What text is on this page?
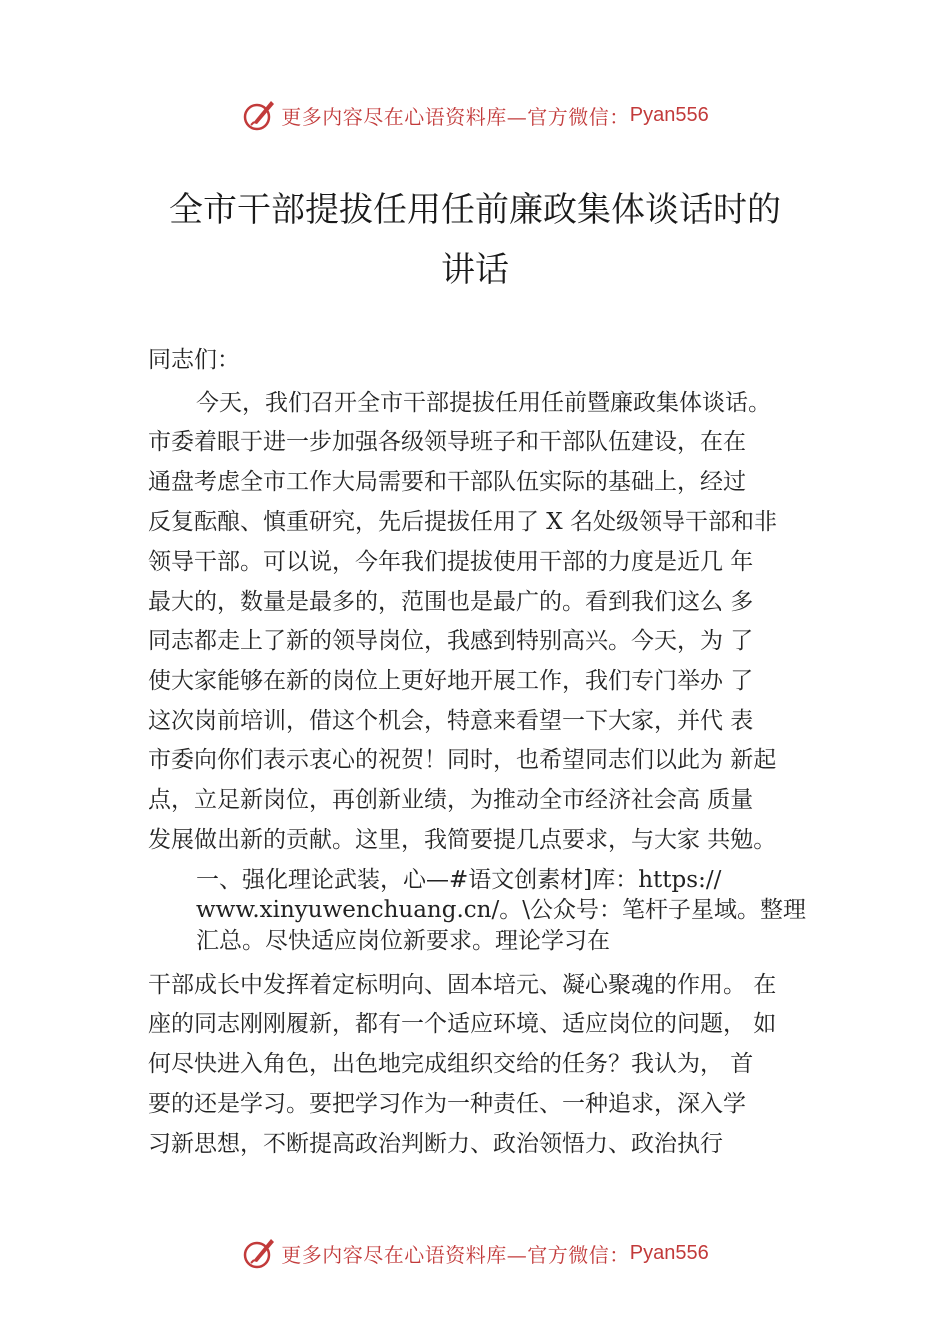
更多内容尽在心语资料库—官方微信： Pyan556
全市干部提拔任用任前廉政集体谈话时的
讲话
同志们：
今天，我们召开全市干部提拔任用任前暨廉政集体谈话。
市委着眼于进一步加强各级领导班子和干部队伍建设，在在
通盘考虑全市工作大局需要和干部队伍实际的基础上，经过
反复酝酿、慎重研究，先后提拔任用了 X 名处级领导干部和非
领导干部。可以说，今年我们提拔使用干部的力度是近几 年
最大的，数量是最多的，范围也是最广的。看到我们这么 多
同志都走上了新的领导岗位，我感到特别高兴。今天，为 了
使大家能够在新的岗位上更好地开展工作，我们专门举办 了
这次岗前培训，借这个机会，特意来看望一下大家，并代 表
市委向你们表示衷心的祝贺！同时，也希望同志们以此为 新起
点，立足新岗位，再创新业绩，为推动全市经济社会高 质量
发展做出新的贡献。这里，我简要提几点要求，与大家 共勉。
一、强化理论武装，心—#语文创素材]库：https://
www.xinyuwenchuang.cn/。\公众号：笔杆子星域。整理
汇总。尽快适应岗位新要求。理论学习在
干部成长中发挥着定标明向、固本培元、凝心聚魂的作用。 在
座的同志刚刚履新，都有一个适应环境、适应岗位的问题， 如
何尽快进入角色，出色地完成组织交给的任务？我认为， 首
要的还是学习。要把学习作为一种责任、一种追求，深入学
习新思想，不断提高政治判断力、政治领悟力、政治执行
更多内容尽在心语资料库—官方微信： Pyan556
